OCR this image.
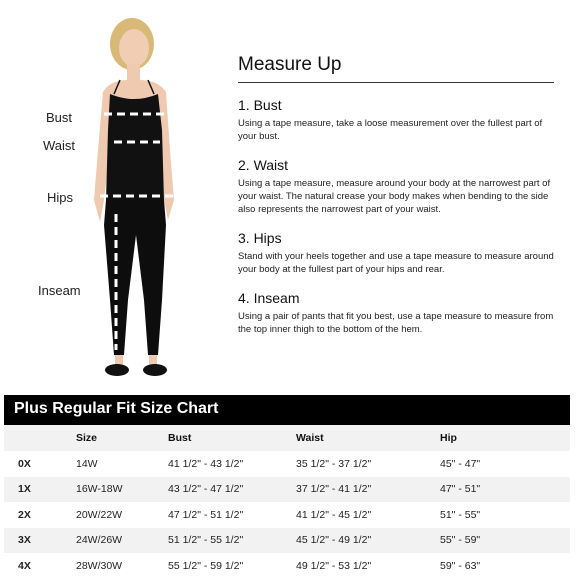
Bust
Waist
Hips
Inseam
Measure Up
1. Bust
Using a tape measure, take a loose measurement over the fullest part of your bust.
2. Waist
Using a tape measure, measure around your body at the narrowest part of your waist. The natural crease your body makes when bending to the side also represents the narrowest part of your waist.
3. Hips
Stand with your heels together and use a tape measure to measure around your body at the fullest part of your hips and rear.
4. Inseam
Using a pair of pants that fit you best, use a tape measure to measure from the top inner thigh to the bottom of the hem.
Plus Regular Fit Size Chart
	Size	Bust	Waist	Hip
0X	14W	41 1/2" - 43 1/2"	35 1/2" - 37 1/2"	45" - 47"
1X	16W-18W	43 1/2" - 47 1/2"	37 1/2" - 41 1/2"	47" - 51"
2X	20W/22W	47 1/2" - 51 1/2"	41 1/2" - 45 1/2"	51" - 55"
3X	24W/26W	51 1/2" - 55 1/2"	45 1/2" - 49 1/2"	55" - 59"
4X	28W/30W	55 1/2" - 59 1/2"	49 1/2" - 53 1/2"	59" - 63"
